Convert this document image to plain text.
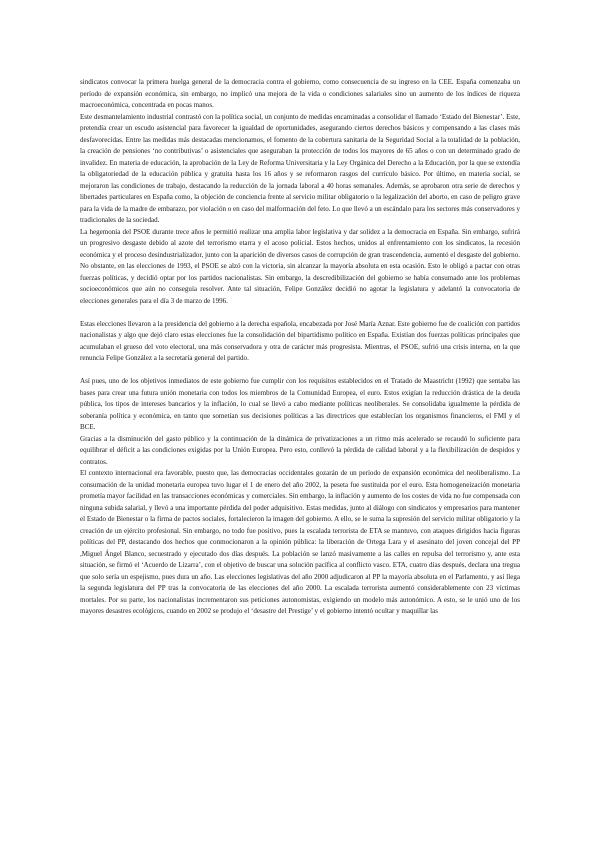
sindicatos convocar la primera huelga general de la democracia contra el gobierno, como consecuencia de su ingreso en la CEE. España comenzaba un período de expansión económica, sin embargo, no implicó una mejora de la vida o condiciones salariales sino un aumento de los índices de riqueza macroeconómica, concentrada en pocas manos.

Este desmantelamiento industrial contrastó con la política social, un conjunto de medidas encaminadas a consolidar el llamado ‘Estado del Bienestar’. Este, pretendía crear un escudo asistencial para favorecer la igualdad de oportunidades, asegurando ciertos derechos básicos y compensando a las clases más desfavorecidas. Entre las medidas más destacadas mencionamos, el fomento de la cobertura sanitaria de la Seguridad Social a la totalidad de la población, la creación de pensiones ‘no contributivas’ o asistenciales que aseguraban la protección de todos los mayores de 65 años o con un determinado grado de invalidez. En materia de educación, la aprobación de la Ley de Reforma Universitaria y la Ley Orgánica del Derecho a la Educación, por la que se extendía la obligatoriedad de la educación pública y gratuita hasta los 16 años y se reformaron rasgos del currículo básico. Por último, en materia social, se mejoraron las condiciones de trabajo, destacando la reducción de la jornada laboral a 40 horas semanales. Además, se aprobaron otra serie de derechos y libertades particulares en España como, la objeción de conciencia frente al servicio militar obligatorio o la legalización del aborto, en caso de peligro grave para la vida de la madre de embarazo, por violación o en caso del malformación del feto. Lo que llevó a un escándalo para los sectores más conservadores y tradicionales de la sociedad.

La hegemonía del PSOE durante trece años le permitió realizar una amplia labor legislativa y dar solidez a la democracia en España. Sin embargo, sufrirá un progresivo desgaste debido al azote del terrorismo etarra y el acoso policial. Estos hechos, unidos al enfrentamiento con los sindicatos, la recesión económica y el proceso desindustrializador, junto con la aparición de diversos casos de corrupción de gran trascendencia, aumentó el desgaste del gobierno. No obstante, en las elecciones de 1993, el PSOE se alzó con la victoria, sin alcanzar la mayoría absoluta en esta ocasión. Esto le obligó a pactar con otras fuerzas políticas, y decidió optar por los partidos nacionalistas. Sin embargo, la descredibilización del gobierno se había consumado ante los problemas socioeconómicos que aún no conseguía resolver. Ante tal situación, Felipe González decidió no agotar la legislatura y adelantó la convocatoria de elecciones generales para el día 3 de marzo de 1996.

Estas elecciones llevaron a la presidencia del gobierno a la derecha española, encabezada por José María Aznar. Este gobierno fue de coalición con partidos nacionalistas y algo que dejó claro estas elecciones fue la consolidación del bipartidismo político en España. Existían dos fuerzas políticas principales que acumulaban el grueso del voto electoral, una más conservadora y otra de carácter más progresista. Mientras, el PSOE, sufrió una crisis interna, en la que renuncia Felipe González a la secretaría general del partido.

Así pues, uno de los objetivos inmediatos de este gobierno fue cumplir con los requisitos establecidos en el Tratado de Maastricht (1992) que sentaba las bases para crear una futura unión monetaria con todos los miembros de la Comunidad Europea, el euro. Estos exigían la reducción drástica de la deuda pública, los tipos de intereses bancarios y la inflación, lo cual se llevó a cabo mediante políticas neoliberales. Se consolidaba igualmente la pérdida de soberanía política y económica, en tanto que sometían sus decisiones políticas a las directrices que establecían los organismos financieros, el FMI y el BCE.

Gracias a la disminución del gasto público y la continuación de la dinámica de privatizaciones a un ritmo más acelerado se recaudó lo suficiente para equilibrar el déficit a las condiciones exigidas por la Unión Europea. Pero esto, conllevó la pérdida de calidad laboral y a la flexibilización de despidos y contratos.

El contexto internacional era favorable, puesto que, las democracias occidentales gozarán de un período de expansión económica del neoliberalismo. La consumación de la unidad monetaria europea tuvo lugar el 1 de enero del año 2002, la peseta fue sustituida por el euro. Esta homogeneización monetaria prometía mayor facilidad en las transacciones económicas y comerciales. Sin embargo, la inflación y aumento de los costes de vida no fue compensada con ninguna subida salarial, y llevó a una importante pérdida del poder adquisitivo. Estas medidas, junto al diálogo con sindicatos y empresarios para mantener el Estado de Bienestar o la firma de pactos sociales, fortalecieron la imagen del gobierno. A ello, se le suma la supresión del servicio militar obligatorio y la creación de un ejército profesional. Sin embargo, no todo fue positivo, pues la escalada terrorista de ETA se mantuvo, con ataques dirigidos hacia figuras políticas del PP, destacando dos hechos que conmocionaron a la opinión pública: la liberación de Ortega Lara y el asesinato del joven concejal del PP ,Miguel Ángel Blanco, secuestrado y ejecutado dos días después. La población se lanzó masivamente a las calles en repulsa del terrorismo y, ante esta situación, se firmó el ‘Acuerdo de Lizarra’, con el objetivo de buscar una solución pacífica al conflicto vasco. ETA, cuatro días después, declara una tregua que solo sería un espejismo, pues dura un año. Las elecciones legislativas del año 2000 adjudicaron al PP la mayoría absoluta en el Parlamento, y así llega la segunda legislatura del PP tras la convocatoria de las elecciones del año 2000. La escalada terrorista aumentó considerablemente con 23 víctimas mortales. Por su parte, los nacionalistas incrementaron sus peticiones autonomistas, exigiendo un modelo más autonómico. A esto, se le unió uno de los mayores desastres ecológicos, cuando en 2002 se produjo el ‘desastre del Prestige’ y el gobierno intentó ocultar y maquillar las
